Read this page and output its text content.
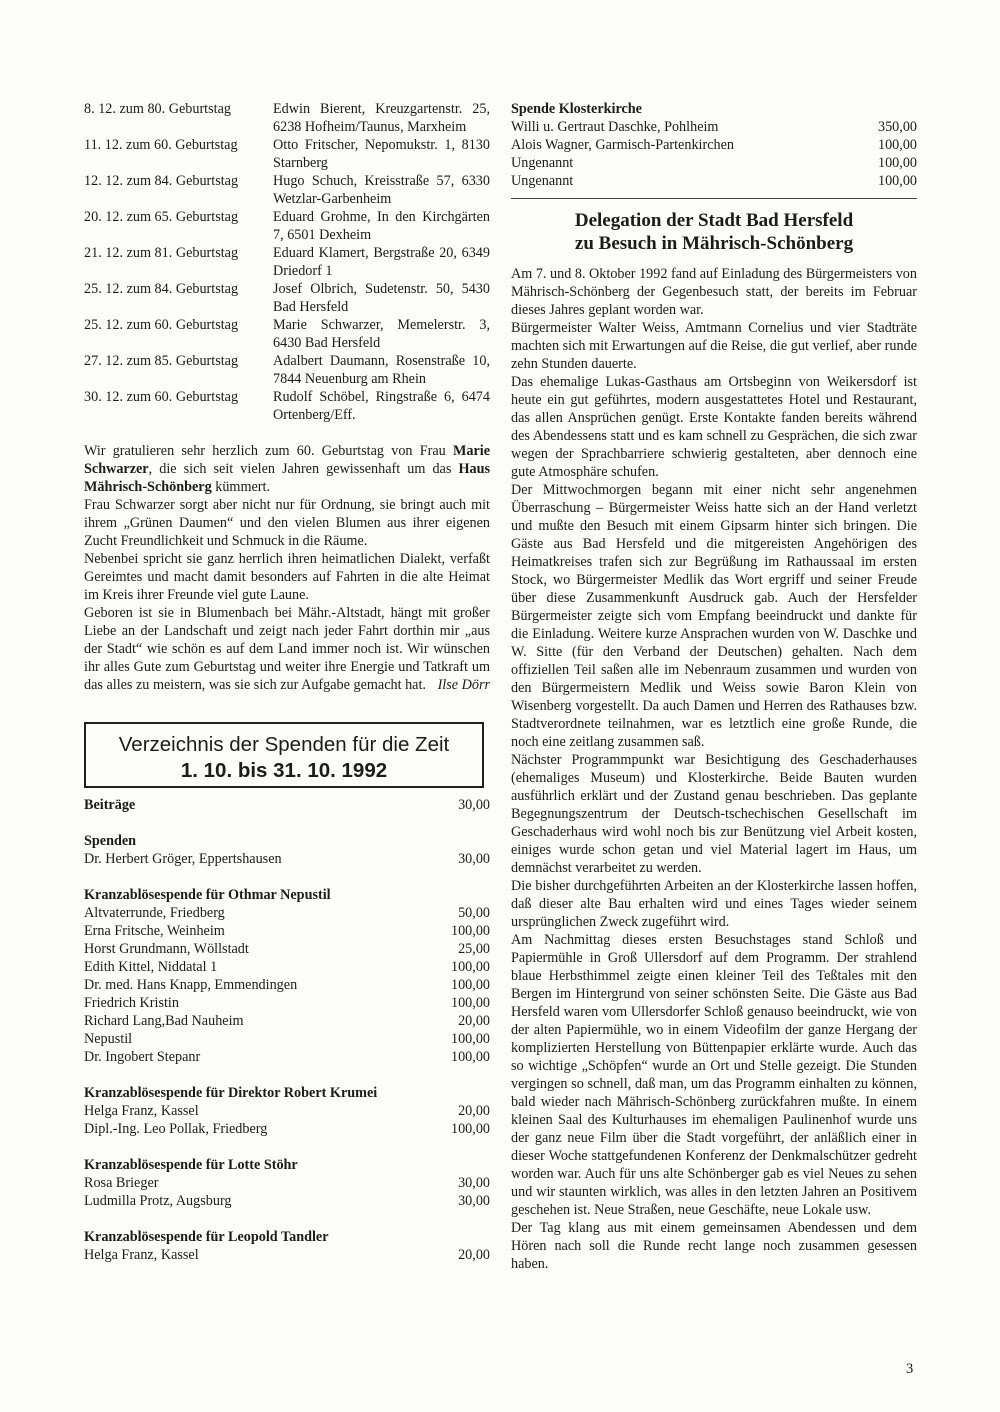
8. 12. zum 80. Geburtstag	Edwin Bierent, Kreuzgartenstr. 25, 6238 Hofheim/Taunus, Marxheim
11. 12. zum 60. Geburtstag	Otto Fritscher, Nepomukstr. 1, 8130 Starnberg
12. 12. zum 84. Geburtstag	Hugo Schuch, Kreisstraße 57, 6330 Wetzlar-Garbenheim
20. 12. zum 65. Geburtstag	Eduard Grohme, In den Kirchgärten 7, 6501 Dexheim
21. 12. zum 81. Geburtstag	Eduard Klamert, Bergstraße 20, 6349 Driedorf 1
25. 12. zum 84. Geburtstag	Josef Olbrich, Sudetenstr. 50, 5430 Bad Hersfeld
25. 12. zum 60. Geburtstag	Marie Schwarzer, Memelerstr. 3, 6430 Bad Hersfeld
27. 12. zum 85. Geburtstag	Adalbert Daumann, Rosenstraße 10, 7844 Neuenburg am Rhein
30. 12. zum 60. Geburtstag	Rudolf Schöbel, Ringstraße 6, 6474 Ortenberg/Eff.

Wir gratulieren sehr herzlich zum 60. Geburtstag von Frau Marie Schwarzer, die sich seit vielen Jahren gewissenhaft um das Haus Mährisch-Schönberg kümmert.

Frau Schwarzer sorgt aber nicht nur für Ordnung, sie bringt auch mit ihrem „Grünen Daumen“ und den vielen Blumen aus ihrer eigenen Zucht Freundlichkeit und Schmuck in die Räume.

Nebenbei spricht sie ganz herrlich ihren heimatlichen Dialekt, verfaßt Gereimtes und macht damit besonders auf Fahrten in die alte Heimat im Kreis ihrer Freunde viel gute Laune.

Geboren ist sie in Blumenbach bei Mähr.-Altstadt, hängt mit großer Liebe an der Landschaft und zeigt nach jeder Fahrt dorthin mir „aus der Stadt“ wie schön es auf dem Land immer noch ist. Wir wünschen ihr alles Gute zum Geburtstag und weiter ihre Energie und Tatkraft um das alles zu meistern, was sie sich zur Aufgabe gemacht hat. Ilse Dörr

Verzeichnis der Spenden für die Zeit
1. 10. bis 31. 10. 1992
Beiträge	30,00
Spenden
Dr. Herbert Gröger, Eppertshausen	30,00
Kranzablösespende für Othmar Nepustil
Altvaterrunde, Friedberg	50,00
Erna Fritsche, Weinheim	100,00
Horst Grundmann, Wöllstadt	25,00
Edith Kittel, Niddatal 1	100,00
Dr. med. Hans Knapp, Emmendingen	100,00
Friedrich Kristin	100,00
Richard Lang,Bad Nauheim	20,00
Nepustil	100,00
Dr. Ingobert Stepanr	100,00
Kranzablösespende für Direktor Robert Krumei
Helga Franz, Kassel	20,00
Dipl.-Ing. Leo Pollak, Friedberg	100,00
Kranzablösespende für Lotte Stöhr
Rosa Brieger	30,00
Ludmilla Protz, Augsburg	30,00
Kranzablösespende für Leopold Tandler
Helga Franz, Kassel	20,00
Spende Klosterkirche
Willi u. Gertraut Daschke, Pohlheim	350,00
Alois Wagner, Garmisch-Partenkirchen	100,00
Ungenannt	100,00
Ungenannt	100,00
Delegation der Stadt Bad Hersfeld
zu Besuch in Mährisch-Schönberg

Am 7. und 8. Oktober 1992 fand auf Einladung des Bürgermeisters von Mährisch-Schönberg der Gegenbesuch statt, der bereits im Februar dieses Jahres geplant worden war.

Bürgermeister Walter Weiss, Amtmann Cornelius und vier Stadträte machten sich mit Erwartungen auf die Reise, die gut verlief, aber runde zehn Stunden dauerte.

Das ehemalige Lukas-Gasthaus am Ortsbeginn von Weikersdorf ist heute ein gut geführtes, modern ausgestattetes Hotel und Restaurant, das allen Ansprüchen genügt. Erste Kontakte fanden bereits während des Abendessens statt und es kam schnell zu Gesprächen, die sich zwar wegen der Sprachbarriere schwierig gestalteten, aber dennoch eine gute Atmosphäre schufen.

Der Mittwochmorgen begann mit einer nicht sehr angenehmen Überraschung – Bürgermeister Weiss hatte sich an der Hand verletzt und mußte den Besuch mit einem Gipsarm hinter sich bringen. Die Gäste aus Bad Hersfeld und die mitgereisten Angehörigen des Heimatkreises trafen sich zur Begrüßung im Rathaussaal im ersten Stock, wo Bürgermeister Medlik das Wort ergriff und seiner Freude über diese Zusammenkunft Ausdruck gab. Auch der Hersfelder Bürgermeister zeigte sich vom Empfang beeindruckt und dankte für die Einladung. Weitere kurze Ansprachen wurden von W. Daschke und W. Sitte (für den Verband der Deutschen) gehalten. Nach dem offiziellen Teil saßen alle im Nebenraum zusammen und wurden von den Bürgermeistern Medlik und Weiss sowie Baron Klein von Wisenberg vorgestellt. Da auch Damen und Herren des Rathauses bzw. Stadtverordnete teilnahmen, war es letztlich eine große Runde, die noch eine zeitlang zusammen saß.

Nächster Programmpunkt war Besichtigung des Geschaderhauses (ehemaliges Museum) und Klosterkirche. Beide Bauten wurden ausführlich erklärt und der Zustand genau beschrieben. Das geplante Begegnungszentrum der Deutsch-tschechischen Gesellschaft im Geschaderhaus wird wohl noch bis zur Benützung viel Arbeit kosten, einiges wurde schon getan und viel Material lagert im Haus, um demnächst verarbeitet zu werden.

Die bisher durchgeführten Arbeiten an der Klosterkirche lassen hoffen, daß dieser alte Bau erhalten wird und eines Tages wieder seinem ursprünglichen Zweck zugeführt wird.

Am Nachmittag dieses ersten Besuchstages stand Schloß und Papiermühle in Groß Ullersdorf auf dem Programm. Der strahlend blaue Herbsthimmel zeigte einen kleiner Teil des Teßtales mit den Bergen im Hintergrund von seiner schönsten Seite. Die Gäste aus Bad Hersfeld waren vom Ullersdorfer Schloß genauso beeindruckt, wie von der alten Papiermühle, wo in einem Videofilm der ganze Hergang der komplizierten Herstellung von Büttenpapier erklärte wurde. Auch das so wichtige „Schöpfen“ wurde an Ort und Stelle gezeigt. Die Stunden vergingen so schnell, daß man, um das Programm einhalten zu können, bald wieder nach Mährisch-Schönberg zurückfahren mußte. In einem kleinen Saal des Kulturhauses im ehemaligen Paulinenhof wurde uns der ganz neue Film über die Stadt vorgeführt, der anläßlich einer in dieser Woche stattgefundenen Konferenz der Denkmalschützer gedreht worden war. Auch für uns alte Schönberger gab es viel Neues zu sehen und wir staunten wirklich, was alles in den letzten Jahren an Positivem geschehen ist. Neue Straßen, neue Geschäfte, neue Lokale usw.

Der Tag klang aus mit einem gemeinsamen Abendessen und dem Hören nach soll die Runde recht lange noch zusammen gesessen haben.

3
